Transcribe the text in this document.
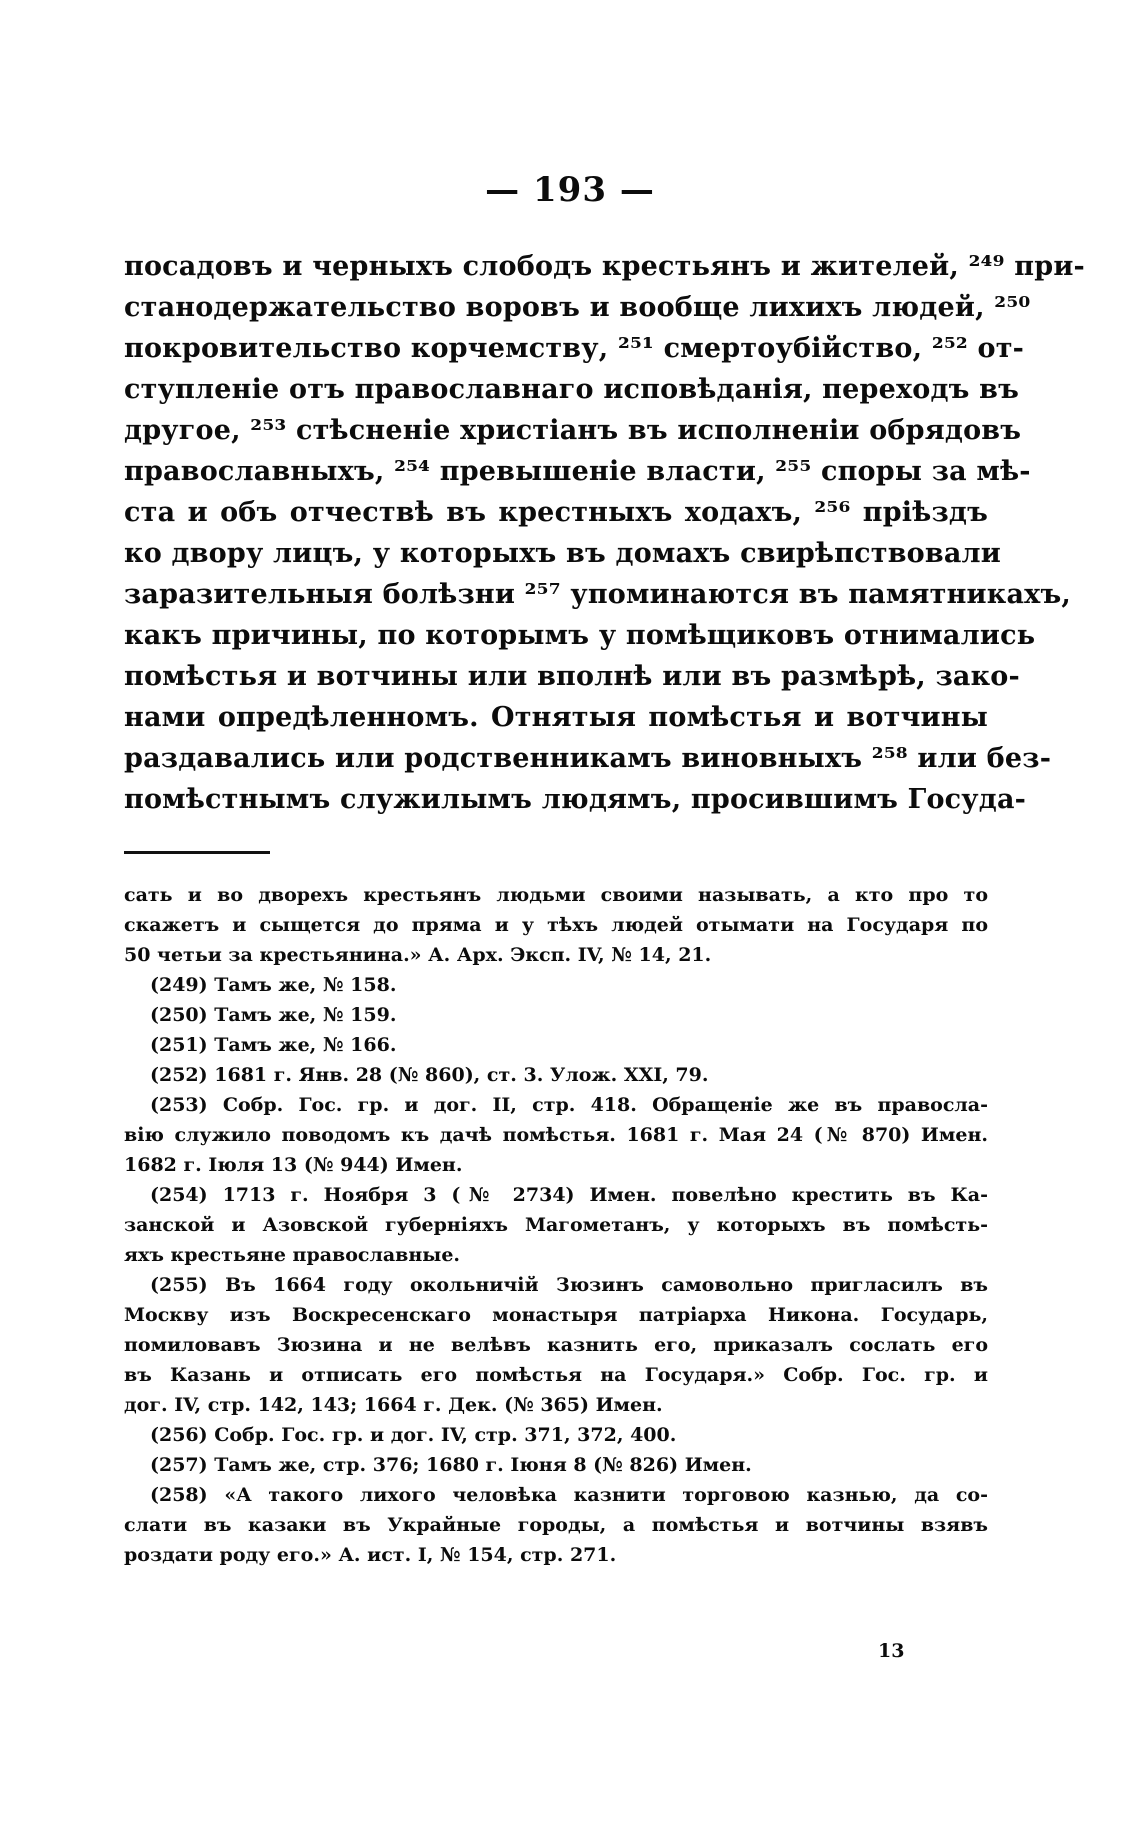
— 193 —
посадовъ и черныхъ слободъ крестьянъ и жителей, ²⁴⁹ при-
станодержательство воровъ и вообще лихихъ людей, ²⁵⁰
покровительство корчемству, ²⁵¹ смертоубійство, ²⁵² от-
ступленіе отъ православнаго исповѣданія, переходъ въ
другое, ²⁵³ стѣсненіе христіанъ въ исполненіи обрядовъ
православныхъ, ²⁵⁴ превышеніе власти, ²⁵⁵ споры за мѣ-
ста и объ отчествѣ въ крестныхъ ходахъ, ²⁵⁶ пріѣздъ
ко двору лицъ, у которыхъ въ домахъ свирѣпствовали
заразительныя болѣзни ²⁵⁷ упоминаются въ памятникахъ,
какъ причины, по которымъ у помѣщиковъ отнимались
помѣстья и вотчины или вполнѣ или въ размѣрѣ, зако-
нами опредѣленномъ. Отнятыя помѣстья и вотчины
раздавались или родственникамъ виновныхъ ²⁵⁸ или без-
помѣстнымъ служилымъ людямъ, просившимъ Госуда-
сать и во дворехъ крестьянъ людьми своими называть, а кто про то
скажетъ и сыщется до пряма и у тѣхъ людей отымати на Государя по
50 четьи за крестьянина.» А. Арх. Эксп. IV, № 14, 21.
(249) Тамъ же, № 158.
(250) Тамъ же, № 159.
(251) Тамъ же, № 166.
(252) 1681 г. Янв. 28 (№ 860), ст. 3. Улож. XXI, 79.
(253) Собр. Гос. гр. и дог. II, стр. 418. Обращеніе же въ правосла-
вію служило поводомъ къ дачѣ помѣстья. 1681 г. Мая 24 (№ 870) Имен.
1682 г. Іюля 13 (№ 944) Имен.
(254) 1713 г. Ноября 3 (№ 2734) Имен. повелѣно крестить въ Ка-
занской и Азовской губерніяхъ Магометанъ, у которыхъ въ помѣсть-
яхъ крестьяне православные.
(255) Въ 1664 году окольничій Зюзинъ самовольно пригласилъ въ
Москву изъ Воскресенскаго монастыря патріарха Никона. Государь,
помиловавъ Зюзина и не велѣвъ казнить его, приказалъ сослать его
въ Казань и отписать его помѣстья на Государя.» Собр. Гос. гр. и
дог. IV, стр. 142, 143; 1664 г. Дек. (№ 365) Имен.
(256) Собр. Гос. гр. и дог. IV, стр. 371, 372, 400.
(257) Тамъ же, стр. 376; 1680 г. Іюня 8 (№ 826) Имен.
(258) «А такого лихого человѣка казнити торговою казнью, да со-
слати въ казаки въ Украйные городы, а помѣстья и вотчины взявъ
роздати роду его.» А. ист. I, № 154, стр. 271.
13
